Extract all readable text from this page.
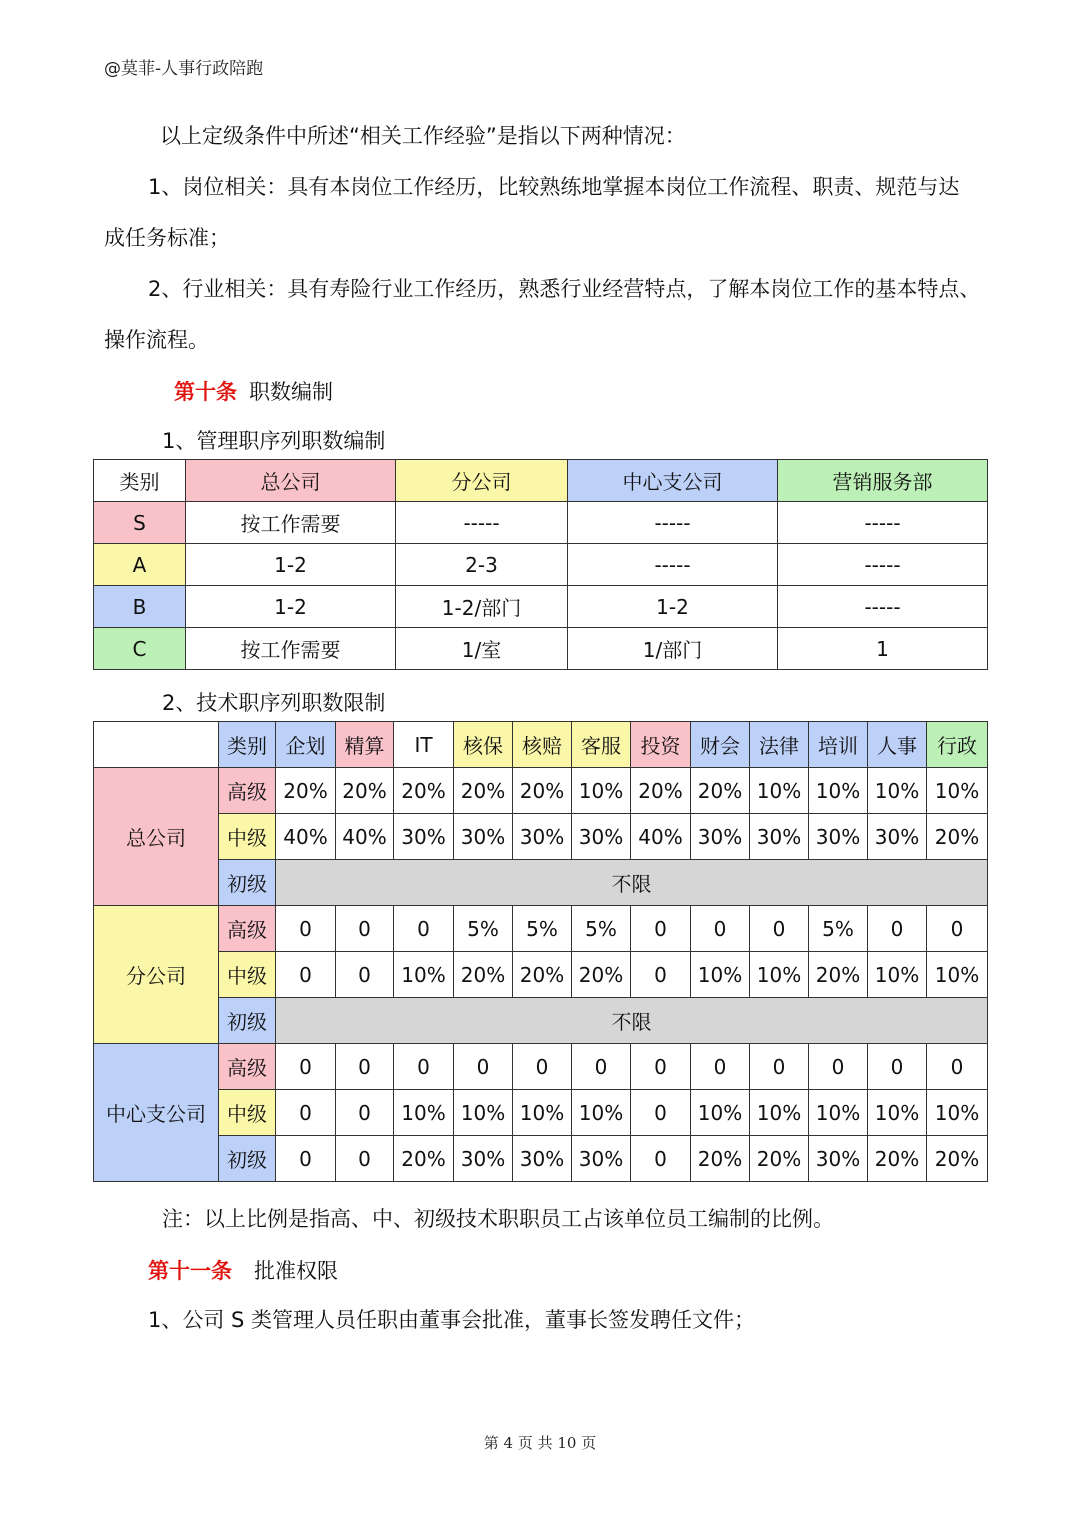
@莫菲-人事行政陪跑
以上定级条件中所述“相关工作经验”是指以下两种情况：
1、岗位相关：具有本岗位工作经历，比较熟练地掌握本岗位工作流程、职责、规范与达
成任务标准；
2、行业相关：具有寿险行业工作经历，熟悉行业经营特点，了解本岗位工作的基本特点、
操作流程。
第十条 职数编制
1、管理职序列职数编制
类别	总公司	分公司	中心支公司	营销服务部
S	按工作需要	-----	-----	-----
A	1-2	2-3	-----	-----
B	1-2	1-2/部门	1-2	-----
C	按工作需要	1/室	1/部门	1
2、技术职序列职数限制
	类别	企划	精算	IT	核保	核赔	客服	投资	财会	法律	培训	人事	行政
总公司	高级	20%	20%	20%	20%	20%	10%	20%	20%	10%	10%	10%	10%
	中级	40%	40%	30%	30%	30%	30%	40%	30%	30%	30%	30%	20%
	初级	不限											
分公司	高级	0	0	0	5%	5%	5%	0	0	0	5%	0	0
	中级	0	0	10%	20%	20%	20%	0	10%	10%	20%	10%	10%
	初级	不限											
中心支公司	高级	0	0	0	0	0	0	0	0	0	0	0	0
	中级	0	0	10%	10%	10%	10%	0	10%	10%	10%	10%	10%
	初级	0	0	20%	30%	30%	30%	0	20%	20%	30%	20%	20%
注：以上比例是指高、中、初级技术职职员工占该单位员工编制的比例。
第十一条 批准权限
1、公司 S 类管理人员任职由董事会批准，董事长签发聘任文件；
第 4 页 共 10 页
